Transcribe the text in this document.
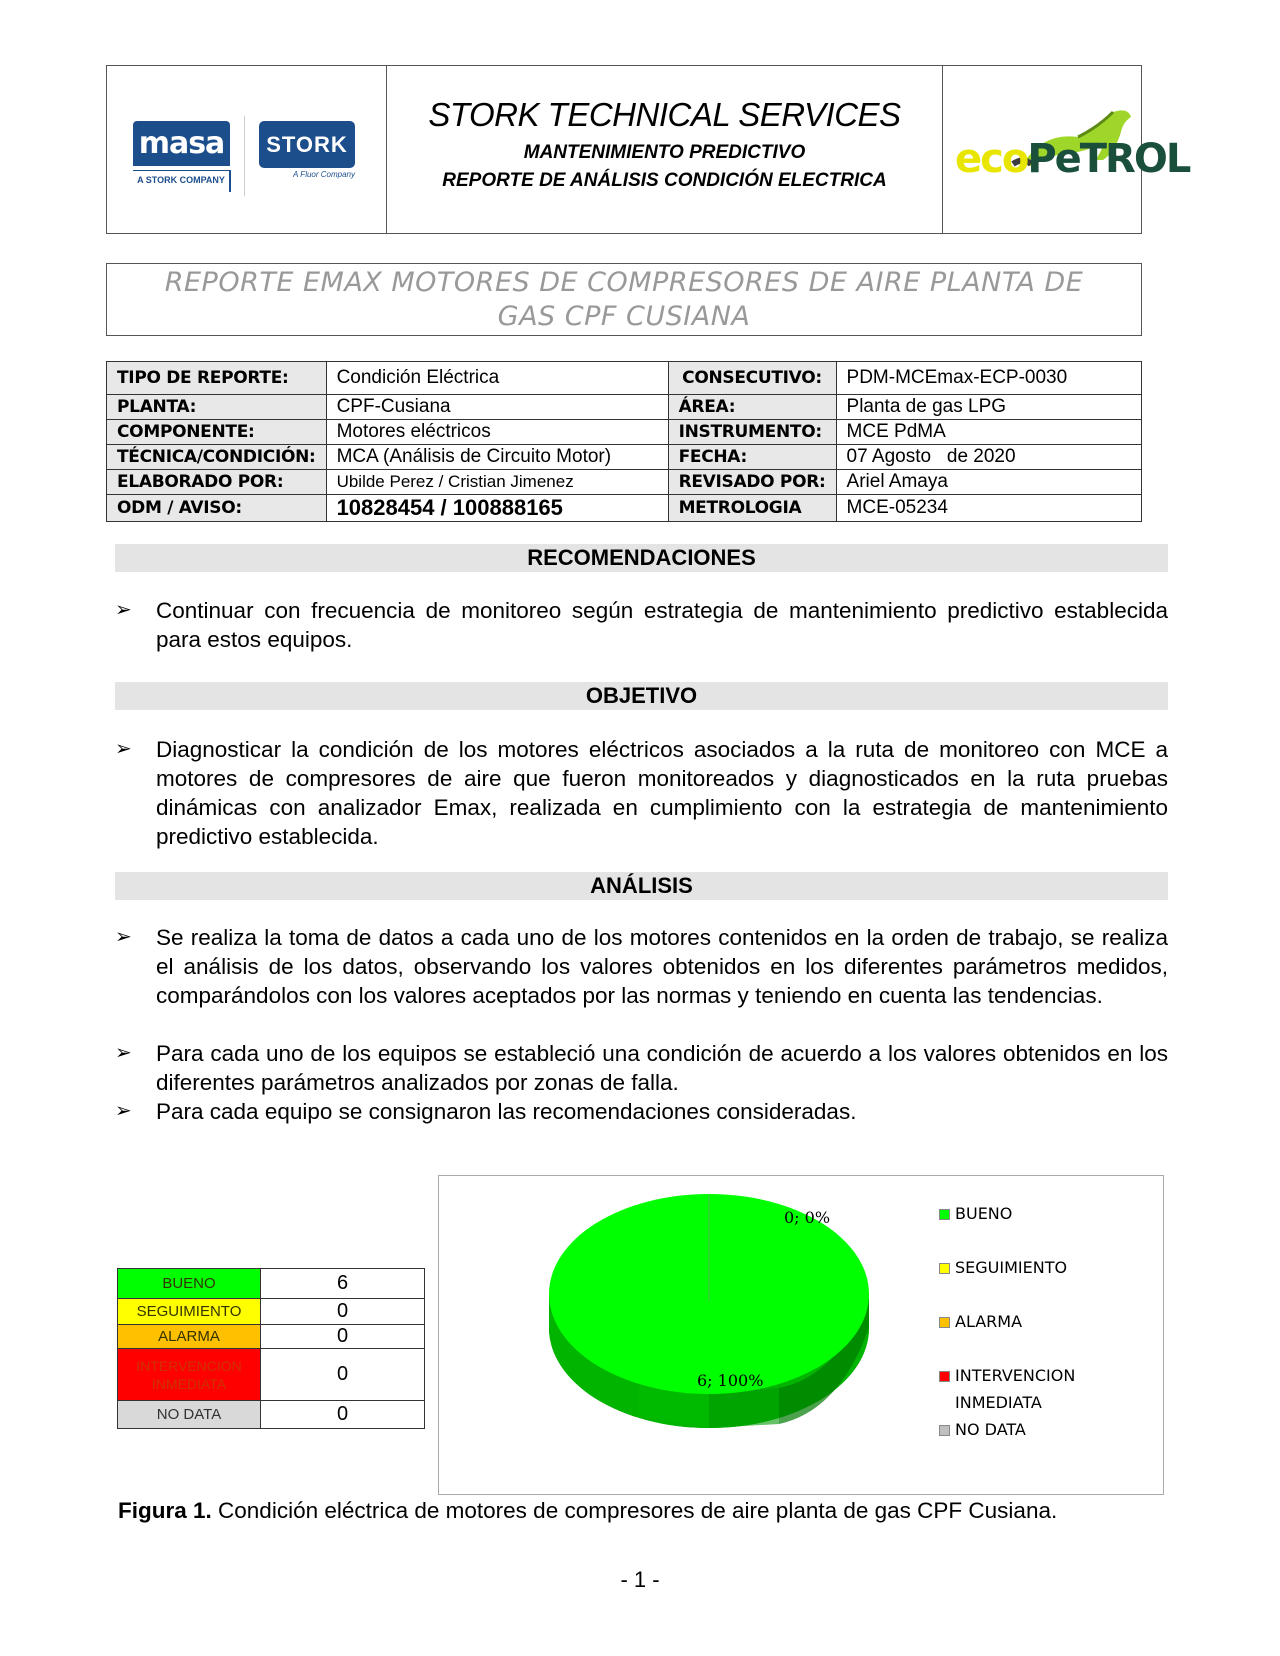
masa
A STORK COMPANY
STORK
A Fluor Company
STORK TECHNICAL SERVICES
MANTENIMIENTO PREDICTIVO
REPORTE DE ANÁLISIS CONDICIÓN ELECTRICA	ecoPeTROL
REPORTE EMAX MOTORES DE COMPRESORES DE AIRE PLANTA DE
GAS CPF CUSIANA
TIPO DE REPORTE:	Condición Eléctrica	CONSECUTIVO:	PDM-MCEmax-ECP-0030
PLANTA:	CPF-Cusiana	ÁREA:	Planta de gas LPG
COMPONENTE:	Motores eléctricos	INSTRUMENTO:	MCE PdMA
TÉCNICA/CONDICIÓN:	MCA (Análisis de Circuito Motor)	FECHA:	07 Agosto   de 2020
ELABORADO POR:	Ubilde Perez / Cristian Jimenez	REVISADO POR:	Ariel Amaya
ODM / AVISO:	10828454 / 100888165	METROLOGIA	MCE-05234
RECOMENDACIONES
➢	Continuar con frecuencia de monitoreo según estrategia de mantenimiento predictivo establecida para estos equipos.
OBJETIVO
➢	Diagnosticar la condición de los motores eléctricos asociados a la ruta de monitoreo con MCE a motores de compresores de aire que fueron monitoreados y diagnosticados en la ruta pruebas dinámicas con analizador Emax, realizada en cumplimiento con la estrategia de mantenimiento predictivo establecida.
ANÁLISIS
➢	Se realiza la toma de datos a cada uno de los motores contenidos en la orden de trabajo, se realiza el análisis de los datos, observando los valores obtenidos en los diferentes parámetros medidos, comparándolos con los valores aceptados por las normas y teniendo en cuenta las tendencias.
➢	Para cada uno de los equipos se estableció una condición de acuerdo a los valores obtenidos en los diferentes parámetros analizados por zonas de falla.
➢	Para cada equipo se consignaron las recomendaciones consideradas.
BUENO	6
SEGUIMIENTO	0
ALARMA	0
INTERVENCION INMEDIATA	0
NO DATA	0
6; 100%
0; 0%	BUENO
SEGUIMIENTO
ALARMA
INTERVENCION
INMEDIATA
NO DATA
Figura 1. Condición eléctrica de motores de compresores de aire planta de gas CPF Cusiana.
- 1 -
